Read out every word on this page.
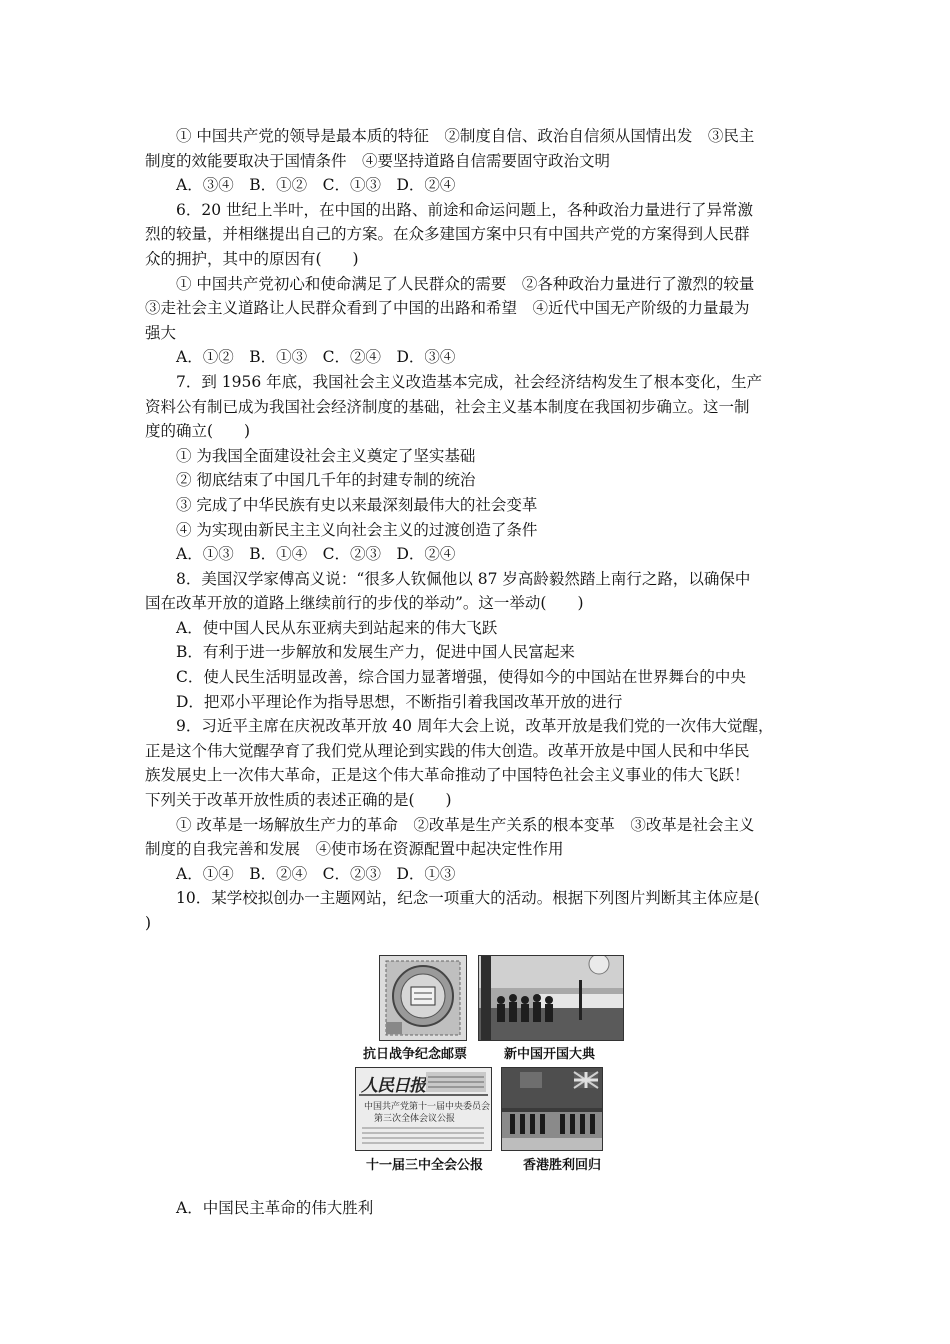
① 中国共产党的领导是最本质的特征　②制度自信、政治自信须从国情出发　③民主
制度的效能要取决于国情条件　④要坚持道路自信需要固守政治文明
A．③④　B．①②　C．①③　D．②④
6．20 世纪上半叶，在中国的出路、前途和命运问题上，各种政治力量进行了异常激
烈的较量，并相继提出自己的方案。在众多建国方案中只有中国共产党的方案得到人民群
众的拥护，其中的原因有(　　)
① 中国共产党初心和使命满足了人民群众的需要　②各种政治力量进行了激烈的较量
③走社会主义道路让人民群众看到了中国的出路和希望　④近代中国无产阶级的力量最为
强大
A．①②　B．①③　C．②④　D．③④
7．到 1956 年底，我国社会主义改造基本完成，社会经济结构发生了根本变化，生产
资料公有制已成为我国社会经济制度的基础，社会主义基本制度在我国初步确立。这一制
度的确立(　　)
① 为我国全面建设社会主义奠定了坚实基础
② 彻底结束了中国几千年的封建专制的统治
③ 完成了中华民族有史以来最深刻最伟大的社会变革
④ 为实现由新民主主义向社会主义的过渡创造了条件
A．①③　B．①④　C．②③　D．②④
8．美国汉学家傅高义说：“很多人钦佩他以 87 岁高龄毅然踏上南行之路，以确保中
国在改革开放的道路上继续前行的步伐的举动”。这一举动(　　)
A．使中国人民从东亚病夫到站起来的伟大飞跃
B．有利于进一步解放和发展生产力，促进中国人民富起来
C．使人民生活明显改善，综合国力显著增强，使得如今的中国站在世界舞台的中央
D．把邓小平理论作为指导思想，不断指引着我国改革开放的进行
9．习近平主席在庆祝改革开放 40 周年大会上说，改革开放是我们党的一次伟大觉醒，
正是这个伟大觉醒孕育了我们党从理论到实践的伟大创造。改革开放是中国人民和中华民
族发展史上一次伟大革命，正是这个伟大革命推动了中国特色社会主义事业的伟大飞跃！
下列关于改革开放性质的表述正确的是(　　)
① 改革是一场解放生产力的革命　②改革是生产关系的根本变革　③改革是社会主义
制度的自我完善和发展　④使市场在资源配置中起决定性作用
A．①④　B．②④　C．②③　D．①③
10．某学校拟创办一主题网站，纪念一项重大的活动。根据下列图片判断其主体应是(
)
抗日战争纪念邮票	新中国开国大典
人民日报
中国共产党第十一届中央委员会
第三次全体会议公报
十一届三中全会公报	香港胜利回归
A．中国民主革命的伟大胜利
